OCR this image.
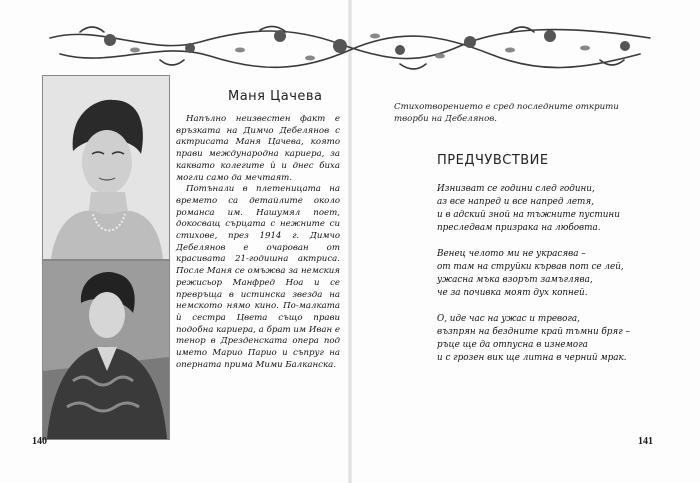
Маня Цачева

Напълно неизвестен факт е връзката на Димчо Дебелянов с актрисата Маня Цачева, която прави международна кариера, за каквато колегите ѝ и днес биха могли само да мечтаят.

Потънали в плетеницата на времето са детайлите около романса им. Нашумял поет, докосващ сърцата с нежните си стихове, през 1914 г. Димчо Дебелянов е очарован от красивата 21-годишна актриса. После Маня се омъжва за немския режисьор Манфред Ноа и се превръща в истинска звезда на немското нямо кино. По-малката ѝ сестра Цвета също прави подобна кариера, а брат им Иван е тенор в Дрезденската опера под името Марио Парио и съпруг на оперната прима Мими Балканска.

140
Стихотворението е сред последните открити творби на Дебелянов.
ПРЕДЧУВСТВИЕ
Изнизват се години след години,
аз все напред и все напред летя,
и в адский зной на тъжните пустини
преследвам призрака на любовта.
Венец челото ми не украсява –
от там на струйки кървав пот се лей,
ужасна мъка взорът замъглява,
че за почивка моят дух копней.
О, иде час на ужас и тревога,
възпрян на бездните край тъмни бряг –
ръце ще да отпусна в изнемога
и с грозен вик ще литна в черний мрак.
141
